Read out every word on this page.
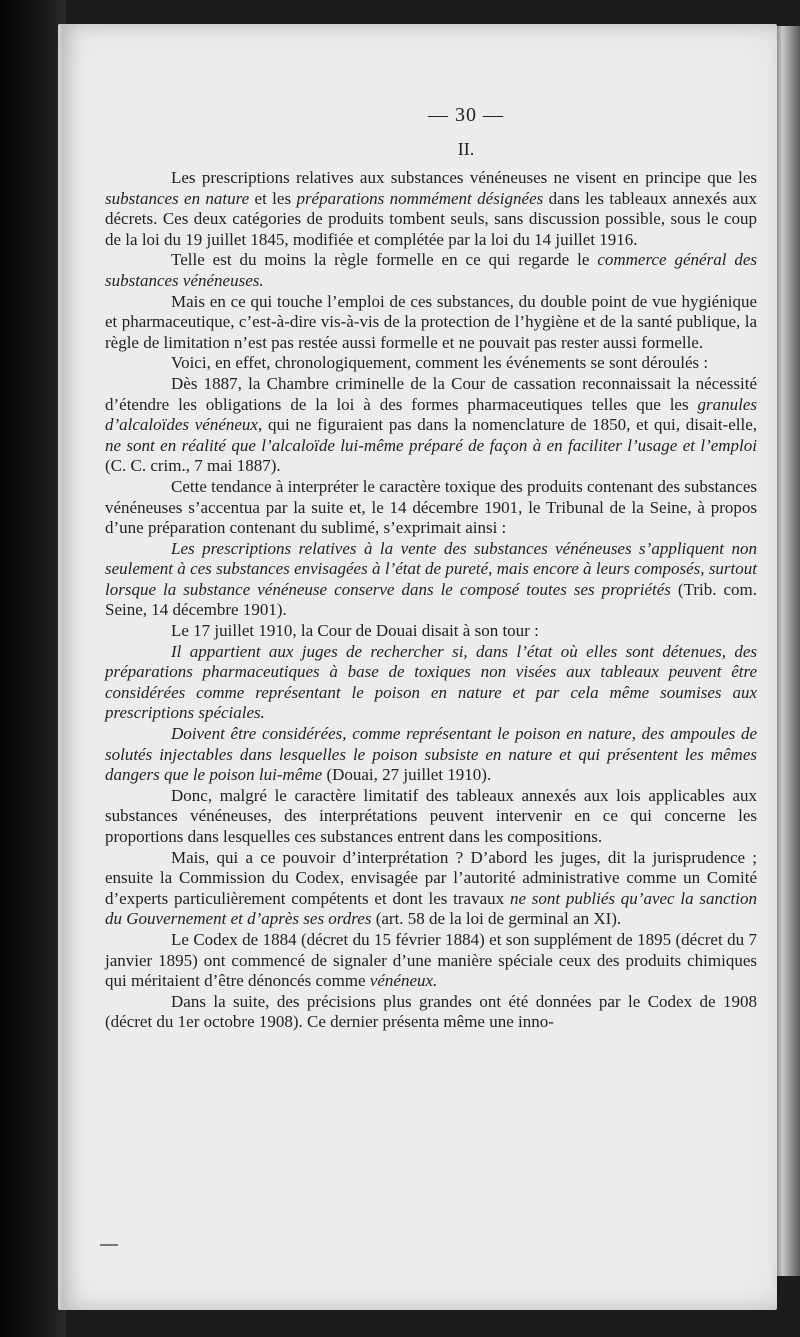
— 30 —
II.

Les prescriptions relatives aux substances vénéneuses ne visent en principe que les substances en nature et les préparations nommément désignées dans les tableaux annexés aux décrets. Ces deux catégories de produits tombent seuls, sans discussion possible, sous le coup de la loi du 19 juillet 1845, modifiée et complétée par la loi du 14 juillet 1916.

Telle est du moins la règle formelle en ce qui regarde le commerce général des substances vénéneuses.

Mais en ce qui touche l’emploi de ces substances, du double point de vue hygiénique et pharmaceutique, c’est-à-dire vis-à-vis de la protection de l’hygiène et de la santé publique, la règle de limitation n’est pas restée aussi formelle et ne pouvait pas rester aussi formelle.

Voici, en effet, chronologiquement, comment les événements se sont déroulés :

Dès 1887, la Chambre criminelle de la Cour de cassation reconnaissait la nécessité d’étendre les obligations de la loi à des formes pharmaceutiques telles que les granules d’alcaloïdes vénéneux, qui ne figuraient pas dans la nomenclature de 1850, et qui, disait-elle, ne sont en réalité que l’alcaloïde lui-même préparé de façon à en faciliter l’usage et l’emploi (C. C. crim., 7 mai 1887).

Cette tendance à interpréter le caractère toxique des produits contenant des substances vénéneuses s’accentua par la suite et, le 14 décembre 1901, le Tribunal de la Seine, à propos d’une préparation contenant du sublimé, s’exprimait ainsi :

Les prescriptions relatives à la vente des substances vénéneuses s’appliquent non seulement à ces substances envisagées à l’état de pureté, mais encore à leurs composés, surtout lorsque la substance vénéneuse conserve dans le composé toutes ses propriétés (Trib. com. Seine, 14 décembre 1901).

Le 17 juillet 1910, la Cour de Douai disait à son tour :

Il appartient aux juges de rechercher si, dans l’état où elles sont détenues, des préparations pharmaceutiques à base de toxiques non visées aux tableaux peuvent être considérées comme représentant le poison en nature et par cela même soumises aux prescriptions spéciales.

Doivent être considérées, comme représentant le poison en nature, des ampoules de solutés injectables dans lesquelles le poison subsiste en nature et qui présentent les mêmes dangers que le poison lui-même (Douai, 27 juillet 1910).

Donc, malgré le caractère limitatif des tableaux annexés aux lois applicables aux substances vénéneuses, des interprétations peuvent intervenir en ce qui concerne les proportions dans lesquelles ces substances entrent dans les compositions.

Mais, qui a ce pouvoir d’interprétation ? D’abord les juges, dit la jurisprudence ; ensuite la Commission du Codex, envisagée par l’autorité administrative comme un Comité d’experts particulièrement compétents et dont les travaux ne sont publiés qu’avec la sanction du Gouvernement et d’après ses ordres (art. 58 de la loi de germinal an XI).

Le Codex de 1884 (décret du 15 février 1884) et son supplément de 1895 (décret du 7 janvier 1895) ont commencé de signaler d’une manière spéciale ceux des produits chimiques qui méritaient d’être dénoncés comme vénéneux.

Dans la suite, des précisions plus grandes ont été données par le Codex de 1908 (décret du 1er octobre 1908). Ce dernier présenta même une inno-
